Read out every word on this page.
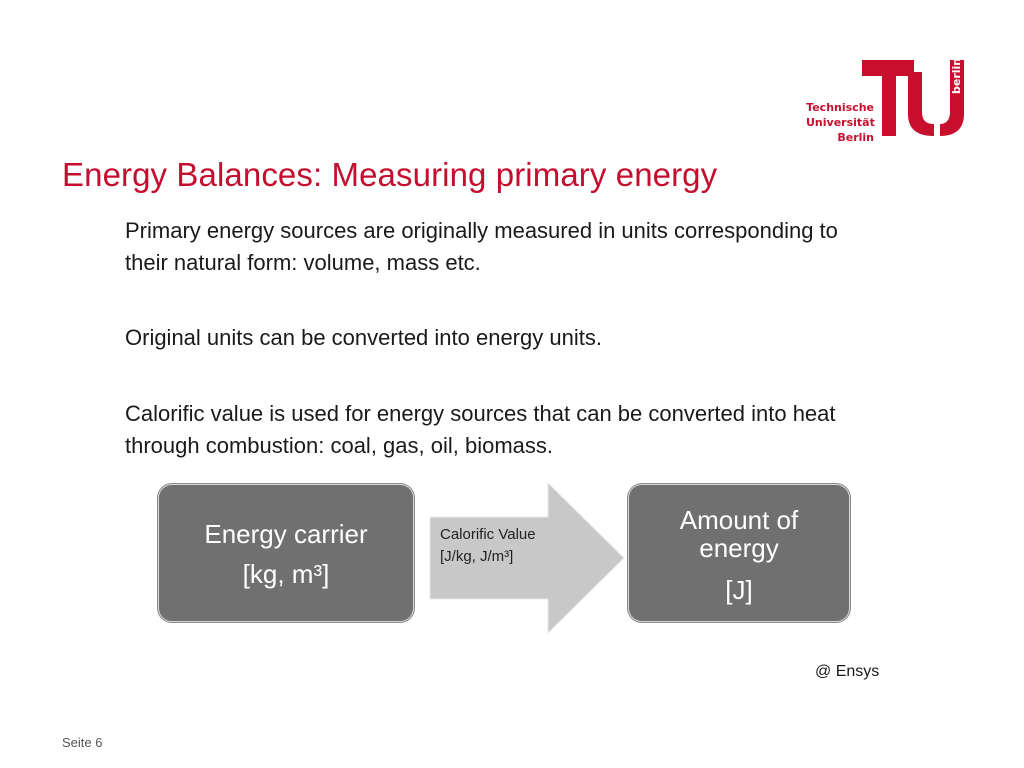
Technische
Universität
Berlin
berlin
Energy Balances: Measuring primary energy
Primary energy sources are originally measured in units corresponding to their natural form: volume, mass etc.
Original units can be converted into energy units.
Calorific value is used for energy sources that can be converted into heat through combustion: coal, gas, oil, biomass.
Energy carrier
[kg, m³]
Calorific Value
[J/kg, J/m³]
Amount of
energy
[J]
@ Ensys
Seite 6
